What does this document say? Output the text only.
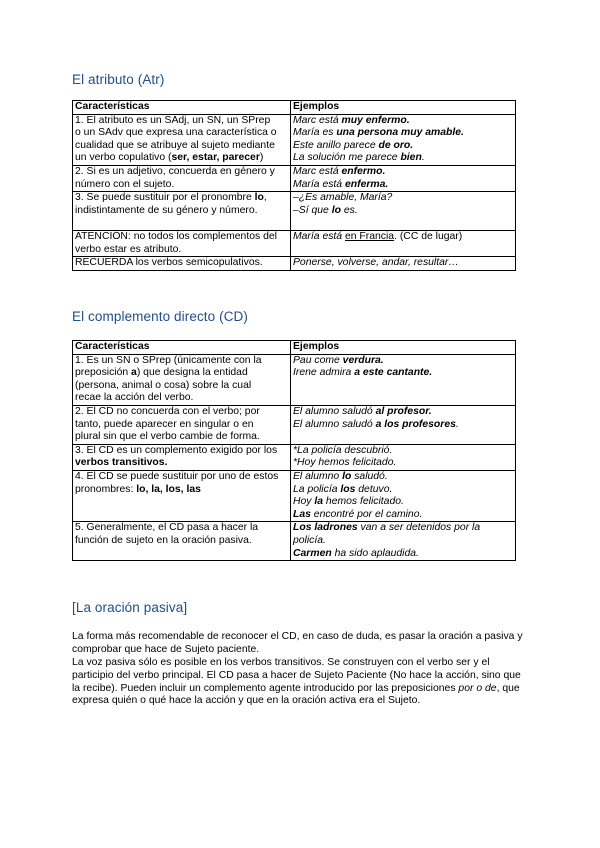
El atributo (Atr)
Características	Ejemplos

1. El atributo es un SAdj, un SN, un SPrep
o un SAdv que expresa una característica o
cualidad que se atribuye al sujeto mediante
un verbo copulativo (ser, estar, parecer)	Marc está muy enfermo.
María es una persona muy amable.
Este anillo parece de oro.
La solución me parece bien.

2. Si es un adjetivo, concuerda en género y
número con el sujeto.	Marc está enfermo.
María está enferma.

3. Se puede sustituir por el pronombre lo,
indistintamente de su género y número.	–¿Es amable, María?
–Sí que lo es.

ATENCIÓN: no todos los complementos del
verbo estar es atributo.	María está en Francia. (CC de lugar)

RECUERDA los verbos semicopulativos.	Ponerse, volverse, andar, resultar…
El complemento directo (CD)
Características	Ejemplos

1. Es un SN o SPrep (únicamente con la
preposición a) que designa la entidad
(persona, animal o cosa) sobre la cual
recae la acción del verbo.	Pau come verdura.
Irene admira a este cantante.

2. El CD no concuerda con el verbo; por
tanto, puede aparecer en singular o en
plural sin que el verbo cambie de forma.	El alumno saludó al profesor.
El alumno saludó a los profesores.

3. El CD es un complemento exigido por los
verbos transitivos.	*La policía descubrió.
*Hoy hemos felicitado.

4. El CD se puede sustituir por uno de estos
pronombres: lo, la, los, las	El alumno lo saludó.
La policía los detuvo.
Hoy la hemos felicitado.
Las encontré por el camino.

5. Generalmente, el CD pasa a hacer la
función de sujeto en la oración pasiva.	Los ladrones van a ser detenidos por la
policía.
Carmen ha sido aplaudida.
[La oración pasiva]

La forma más recomendable de reconocer el CD, en caso de duda, es pasar la oración a pasiva y comprobar que hace de Sujeto paciente.

La voz pasiva sólo es posible en los verbos transitivos. Se construyen con el verbo ser y el participio del verbo principal. El CD pasa a hacer de Sujeto Paciente (No hace la acción, sino que la recibe). Pueden incluir un complemento agente introducido por las preposiciones por o de, que expresa quién o qué hace la acción y que en la oración activa era el Sujeto.
